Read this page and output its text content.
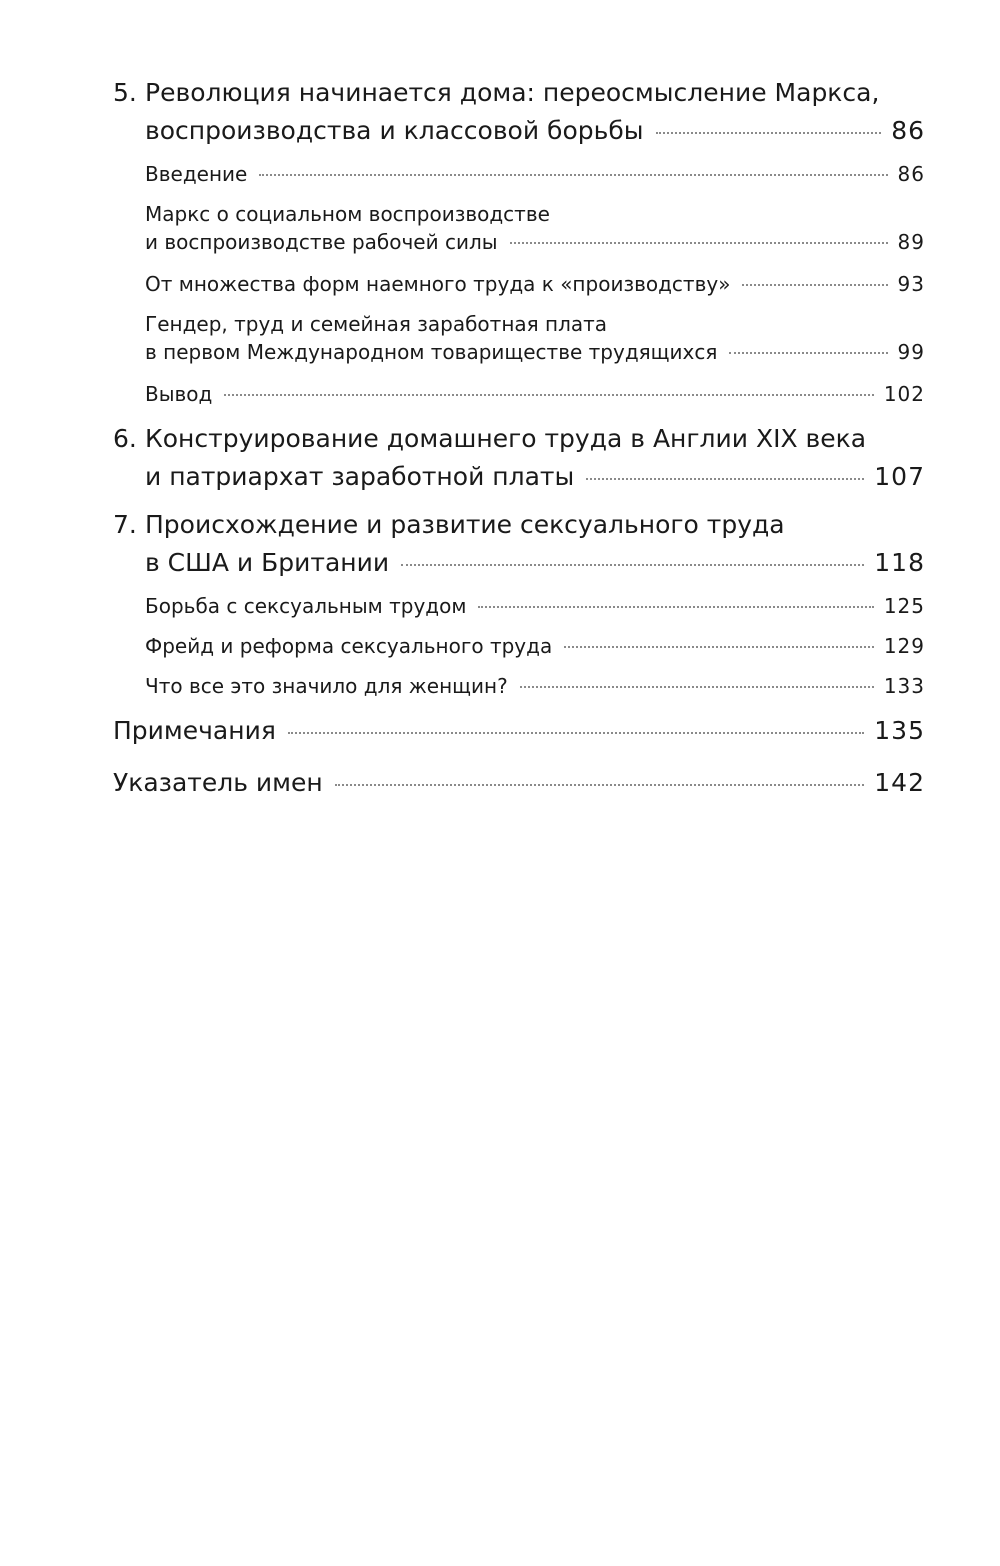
5. Революция начинается дома: переосмысление Маркса,
воспроизводства и классовой борьбы	86
Введение	86
Маркс о социальном воспроизводстве
и воспроизводстве рабочей силы	89
От множества форм наемного труда к «производству»	93
Гендер, труд и семейная заработная плата
в первом Международном товариществе трудящихся	99
Вывод	102
6. Конструирование домашнего труда в Англии XIX века
и патриархат заработной платы	107
7. Происхождение и развитие сексуального труда
в США и Британии	118
Борьба с сексуальным трудом	125
Фрейд и реформа сексуального труда	129
Что все это значило для женщин?	133
Примечания	135
Указатель имен	142
